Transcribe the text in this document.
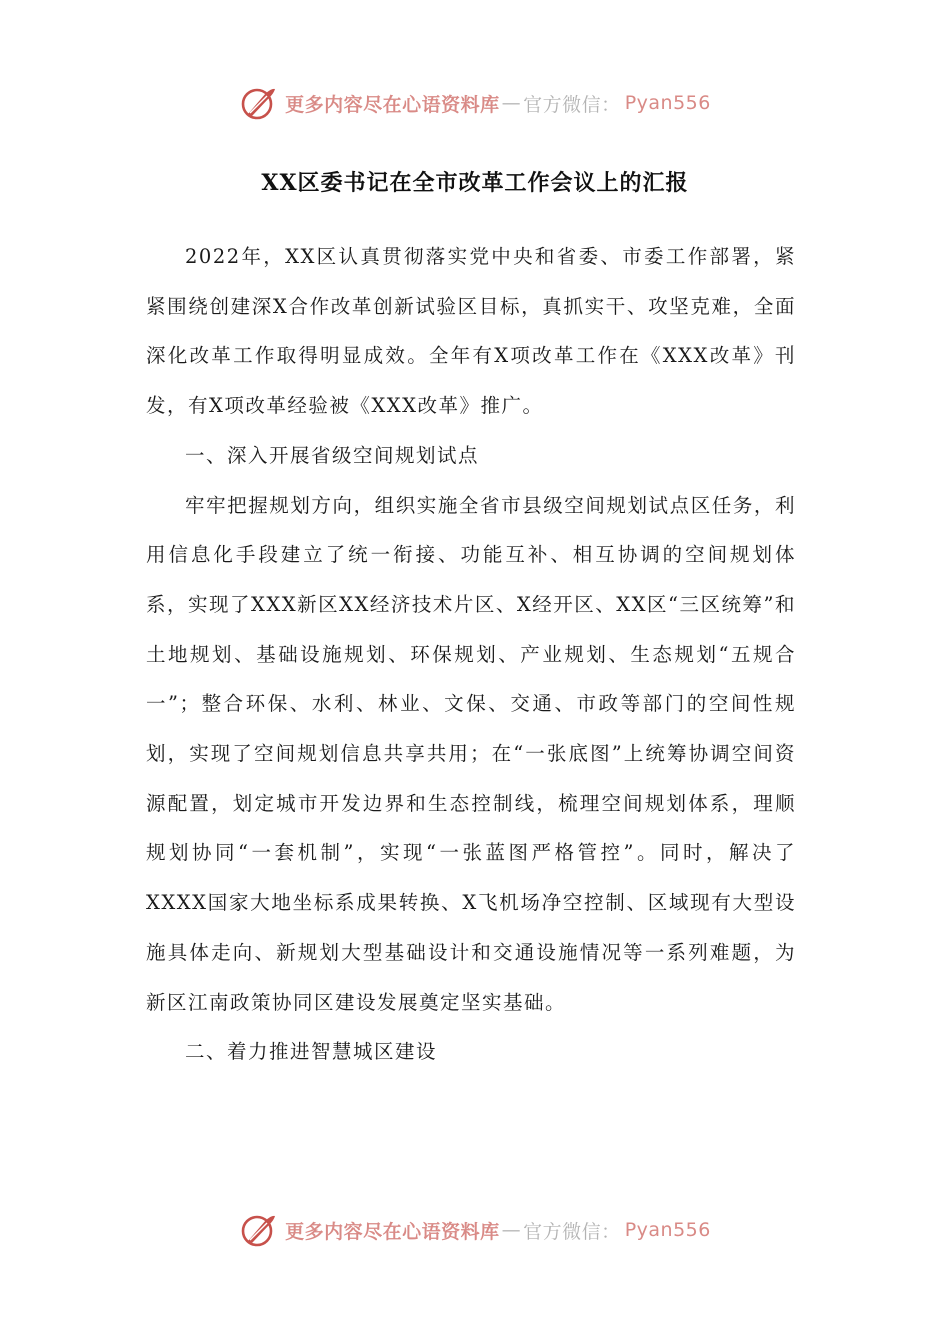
更多内容尽在心语资料库 — 官方微信： Pyan556
XX区委书记在全市改革工作会议上的汇报

2022年，XX区认真贯彻落实党中央和省委、市委工作部署，紧紧围绕创建深X合作改革创新试验区目标，真抓实干、攻坚克难，全面深化改革工作取得明显成效。全年有X项改革工作在《XXX改革》刊发，有X项改革经验被《XXX改革》推广。

一、深入开展省级空间规划试点

牢牢把握规划方向，组织实施全省市县级空间规划试点区任务，利用信息化手段建立了统一衔接、功能互补、相互协调的空间规划体系，实现了XXX新区XX经济技术片区、X经开区、XX区“三区统筹”和土地规划、基础设施规划、环保规划、产业规划、生态规划“五规合一”；整合环保、水利、林业、文保、交通、市政等部门的空间性规划，实现了空间规划信息共享共用；在“一张底图”上统筹协调空间资源配置，划定城市开发边界和生态控制线，梳理空间规划体系，理顺规划协同“一套机制”，实现“一张蓝图严格管控”。同时，解决了XXXX国家大地坐标系成果转换、X飞机场净空控制、区域现有大型设施具体走向、新规划大型基础设计和交通设施情况等一系列难题，为新区江南政策协同区建设发展奠定坚实基础。

二、着力推进智慧城区建设

更多内容尽在心语资料库 — 官方微信： Pyan556
